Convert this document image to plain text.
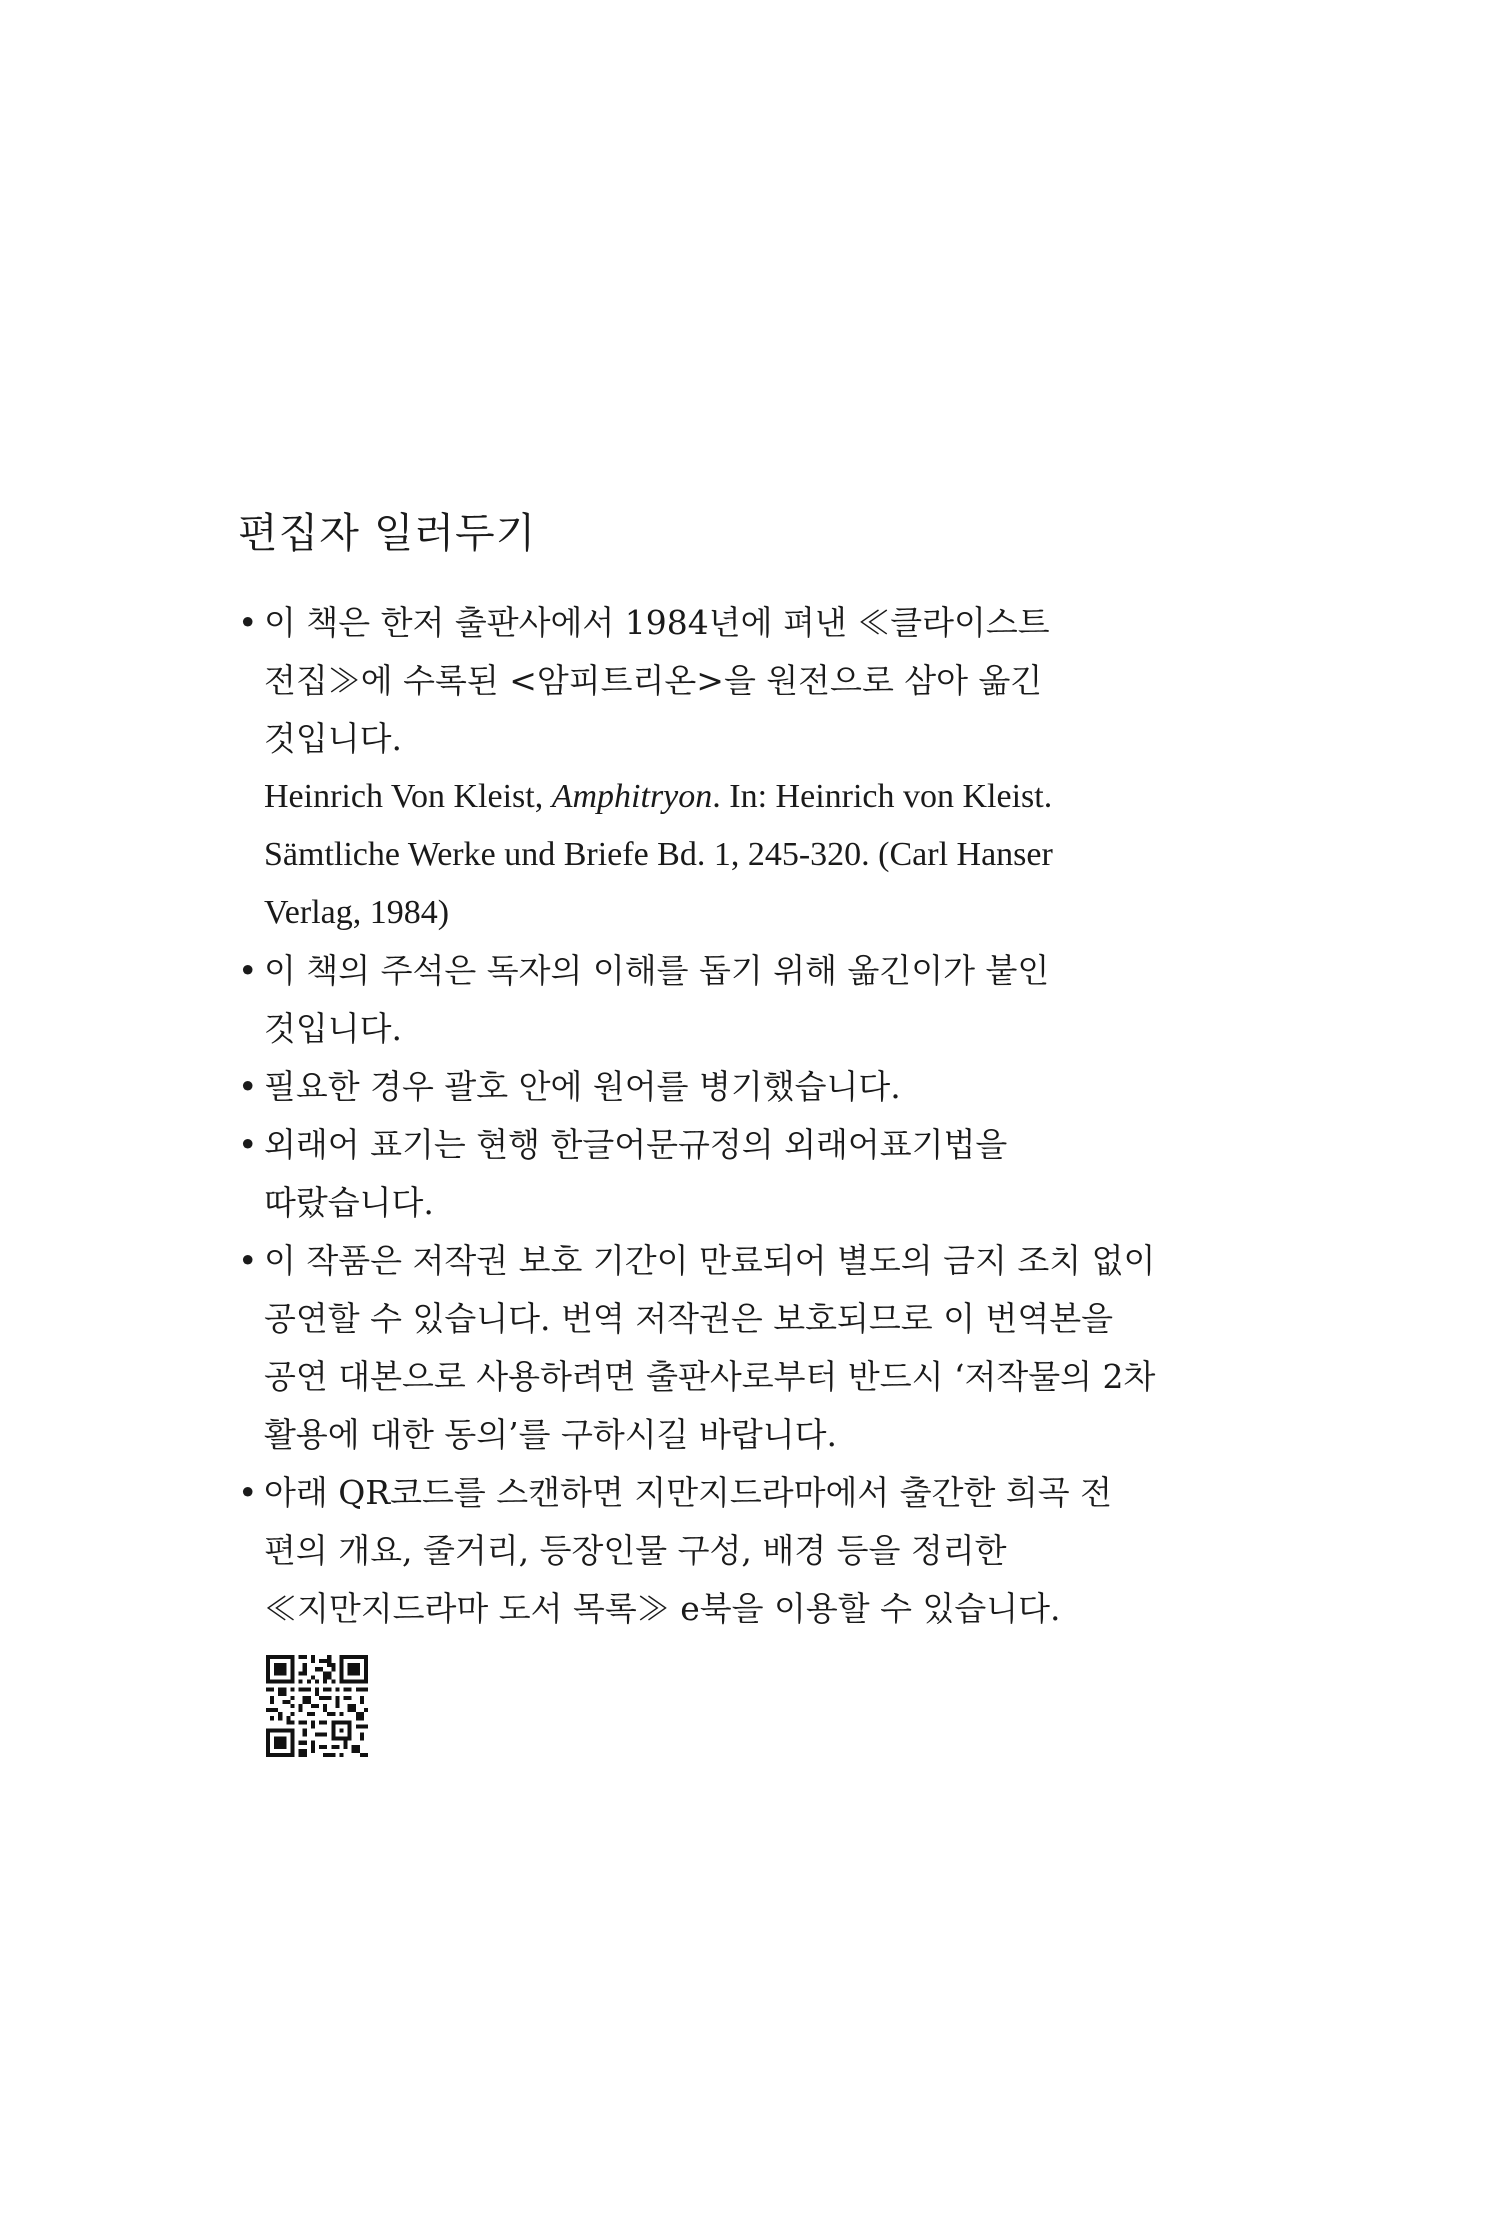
편집자 일러두기
• 이 책은 한저 출판사에서 1984년에 펴낸 ≪클라이스트
전집≫에 수록된 <암피트리온>을 원전으로 삼아 옮긴
것입니다.
Heinrich Von Kleist, Amphitryon. In: Heinrich von Kleist.
Sämtliche Werke und Briefe Bd. 1, 245-320. (Carl Hanser
Verlag, 1984)
• 이 책의 주석은 독자의 이해를 돕기 위해 옮긴이가 붙인
것입니다.
• 필요한 경우 괄호 안에 원어를 병기했습니다.
• 외래어 표기는 현행 한글어문규정의 외래어표기법을
따랐습니다.
• 이 작품은 저작권 보호 기간이 만료되어 별도의 금지 조치 없이
공연할 수 있습니다. 번역 저작권은 보호되므로 이 번역본을
공연 대본으로 사용하려면 출판사로부터 반드시 ‘저작물의 2차
활용에 대한 동의’를 구하시길 바랍니다.
• 아래 QR코드를 스캔하면 지만지드라마에서 출간한 희곡 전
편의 개요, 줄거리, 등장인물 구성, 배경 등을 정리한
≪지만지드라마 도서 목록≫ e북을 이용할 수 있습니다.
